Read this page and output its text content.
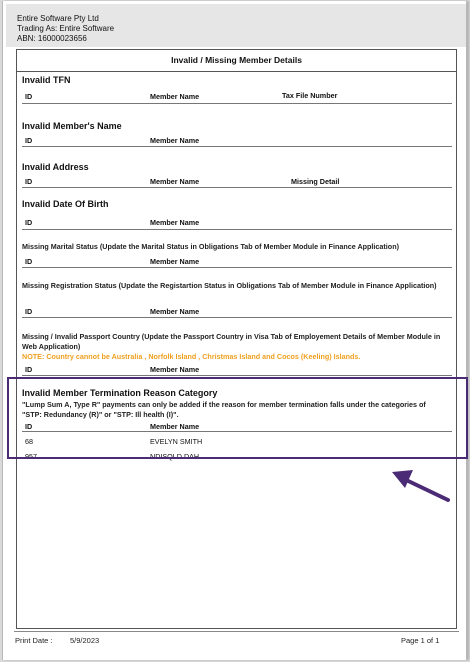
Entire Software Pty Ltd
Trading As: Entire Software
ABN: 16000023656
Invalid / Missing Member Details
Invalid TFN
ID	Member Name	Tax File Number
Invalid Member's Name
ID	Member Name
Invalid Address
ID	Member Name	Missing Detail
Invalid Date Of Birth
ID	Member Name
Missing Marital Status (Update the Marital Status in Obligations Tab of Member Module in Finance Application)
ID	Member Name
Missing Registration Status (Update the Registartion Status in Obligations Tab of Member Module in Finance Application)
ID	Member Name
Missing / Invalid Passport Country (Update the Passport Country in Visa Tab of Employement Details of Member Module in Web Application)
NOTE: Country cannot be Australia , Norfolk Island , Christmas Island and Cocos (Keeling) Islands.
ID	Member Name
Invalid Member Termination Reason Category
"Lump Sum A, Type R" payments can only be added if the reason for member termination falls under the categories of "STP: Redundancy (R)" or "STP: Ill health (I)".
ID	Member Name
68	EVELYN SMITH
957	NDISQLD DAH
Print Date : 5/9/2023	Page 1 of 1
